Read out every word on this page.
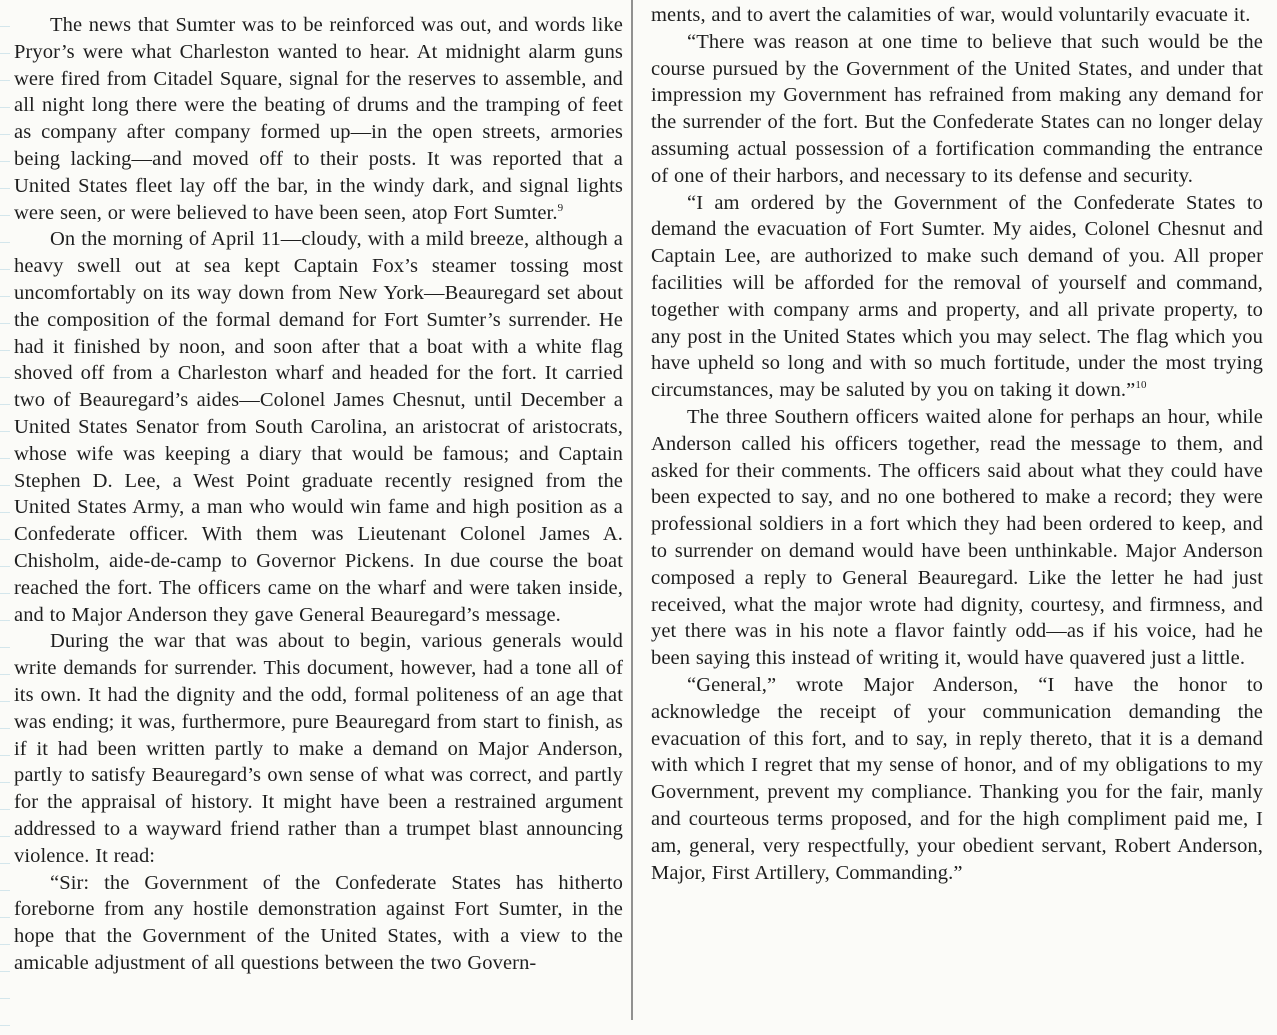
The news that Sumter was to be reinforced was out, and words like Pryor’s were what Charleston wanted to hear. At midnight alarm guns were fired from Citadel Square, signal for the reserves to assemble, and all night long there were the beating of drums and the tramping of feet as company after company formed up—in the open streets, armories being lacking—and moved off to their posts. It was reported that a United States fleet lay off the bar, in the windy dark, and signal lights were seen, or were believed to have been seen, atop Fort Sumter.$^9$

On the morning of April 11—cloudy, with a mild breeze, although a heavy swell out at sea kept Captain Fox’s steamer tossing most uncomfortably on its way down from New York—Beauregard set about the composition of the formal demand for Fort Sumter’s surrender. He had it finished by noon, and soon after that a boat with a white flag shoved off from a Charleston wharf and headed for the fort. It carried two of Beauregard’s aides—Colonel James Chesnut, until December a United States Senator from South Carolina, an aristocrat of aristocrats, whose wife was keeping a diary that would be famous; and Captain Stephen D. Lee, a West Point graduate recently resigned from the United States Army, a man who would win fame and high position as a Confederate officer. With them was Lieutenant Colonel James A. Chisholm, aide-de-camp to Governor Pickens. In due course the boat reached the fort. The officers came on the wharf and were taken inside, and to Major Anderson they gave General Beauregard’s message.

During the war that was about to begin, various generals would write demands for surrender. This document, however, had a tone all of its own. It had the dignity and the odd, formal politeness of an age that was ending; it was, furthermore, pure Beauregard from start to finish, as if it had been written partly to make a demand on Major Anderson, partly to satisfy Beauregard’s own sense of what was correct, and partly for the appraisal of history. It might have been a restrained argument addressed to a wayward friend rather than a trumpet blast announcing violence. It read:

“Sir: the Government of the Confederate States has hitherto foreborne from any hostile demonstration against Fort Sumter, in the hope that the Government of the United States, with a view to the amicable adjustment of all questions between the two Govern-

ments, and to avert the calamities of war, would voluntarily evacuate it.

“There was reason at one time to believe that such would be the course pursued by the Government of the United States, and under that impression my Government has refrained from making any demand for the surrender of the fort. But the Confederate States can no longer delay assuming actual possession of a fortification commanding the entrance of one of their harbors, and necessary to its defense and security.

“I am ordered by the Government of the Confederate States to demand the evacuation of Fort Sumter. My aides, Colonel Chesnut and Captain Lee, are authorized to make such demand of you. All proper facilities will be afforded for the removal of yourself and command, together with company arms and property, and all private property, to any post in the United States which you may select. The flag which you have upheld so long and with so much fortitude, under the most trying circumstances, may be saluted by you on taking it down.”$^{10}$

The three Southern officers waited alone for perhaps an hour, while Anderson called his officers together, read the message to them, and asked for their comments. The officers said about what they could have been expected to say, and no one bothered to make a record; they were professional soldiers in a fort which they had been ordered to keep, and to surrender on demand would have been unthinkable. Major Anderson composed a reply to General Beauregard. Like the letter he had just received, what the major wrote had dignity, courtesy, and firmness, and yet there was in his note a flavor faintly odd—as if his voice, had he been saying this instead of writing it, would have quavered just a little.

“General,” wrote Major Anderson, “I have the honor to acknowledge the receipt of your communication demanding the evacuation of this fort, and to say, in reply thereto, that it is a demand with which I regret that my sense of honor, and of my obligations to my Government, prevent my compliance. Thanking you for the fair, manly and courteous terms proposed, and for the high compliment paid me, I am, general, very respectfully, your obedient servant, Robert Anderson, Major, First Artillery, Commanding.”
